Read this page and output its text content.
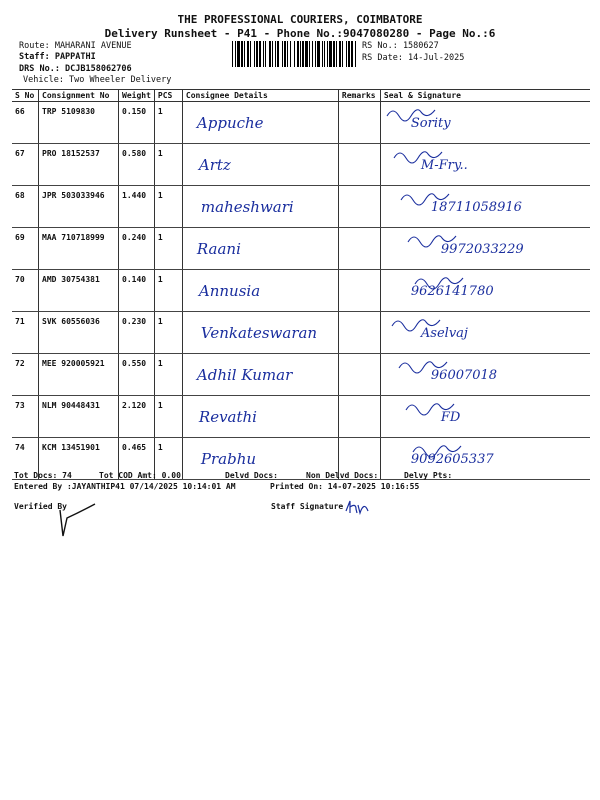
THE PROFESSIONAL COURIERS, COIMBATORE
Delivery Runsheet - P41 - Phone No.:9047080280 - Page No.:6
Route: MAHARANI AVENUE
Staff: PAPPATHI
DRS No.: DCJB158062706
Vehicle: Two Wheeler Delivery
RS No.: 1580627
RS Date: 14-Jul-2025
S No	Consignment No	Weight	PCS	Consignee Details	Remarks	Seal & Signature
66	TRP 5109830	0.150	1	Appuche		Sority

67	PRO 18152537	0.580	1	Artz		M-Fry..

68	JPR 503033946	1.440	1	maheshwari		18711058916

69	MAA 710718999	0.240	1	Raani		9972033229

70	AMD 30754381	0.140	1	Annusia		9626141780

71	SVK 60556036	0.230	1	Venkateswaran		Aselvaj

72	MEE 920005921	0.550	1	Adhil Kumar		96007018

73	NLM 90448431	2.120	1	Revathi		FD

74	KCM 13451901	0.465	1	Prabhu		9092605337
Tot Docs: 74	Tot COD Amt: 0.00	Delvd Docs:	Non Delvd Docs:	Delvy Pts:
Entered By :JAYANTHIP41 07/14/2025 10:14:01 AM	Printed On: 14-07-2025 10:16:55
Verified By	Staff Signature
